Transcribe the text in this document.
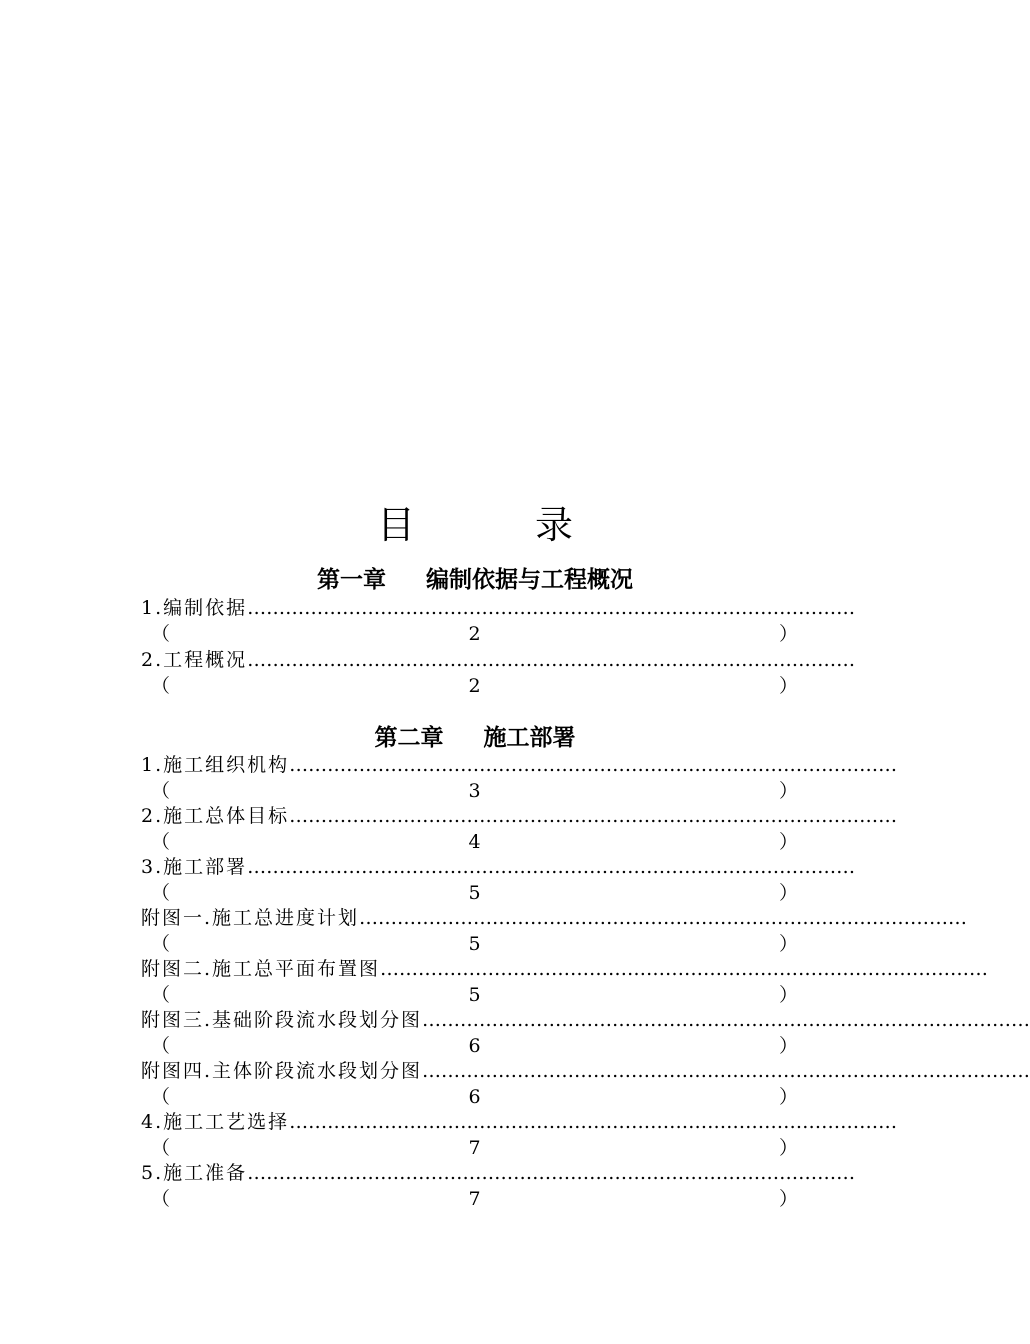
目	录
第一章 编制依据与工程概况
1.编制依据……………………………………………………………………………………
（	2	）
2.工程概况……………………………………………………………………………………
（	2	）
第二章 施工部署
1.施工组织机构……………………………………………………………………………………
（	3	）
2.施工总体目标……………………………………………………………………………………
（	4	）
3.施工部署……………………………………………………………………………………
（	5	）
附图一.施工总进度计划……………………………………………………………………………………
（	5	）
附图二.施工总平面布置图……………………………………………………………………………………
（	5	）
附图三.基础阶段流水段划分图……………………………………………………………………………………
（	6	）
附图四.主体阶段流水段划分图……………………………………………………………………………………
（	6	）
4.施工工艺选择……………………………………………………………………………………
（	7	）
5.施工准备……………………………………………………………………………………
（	7	）
